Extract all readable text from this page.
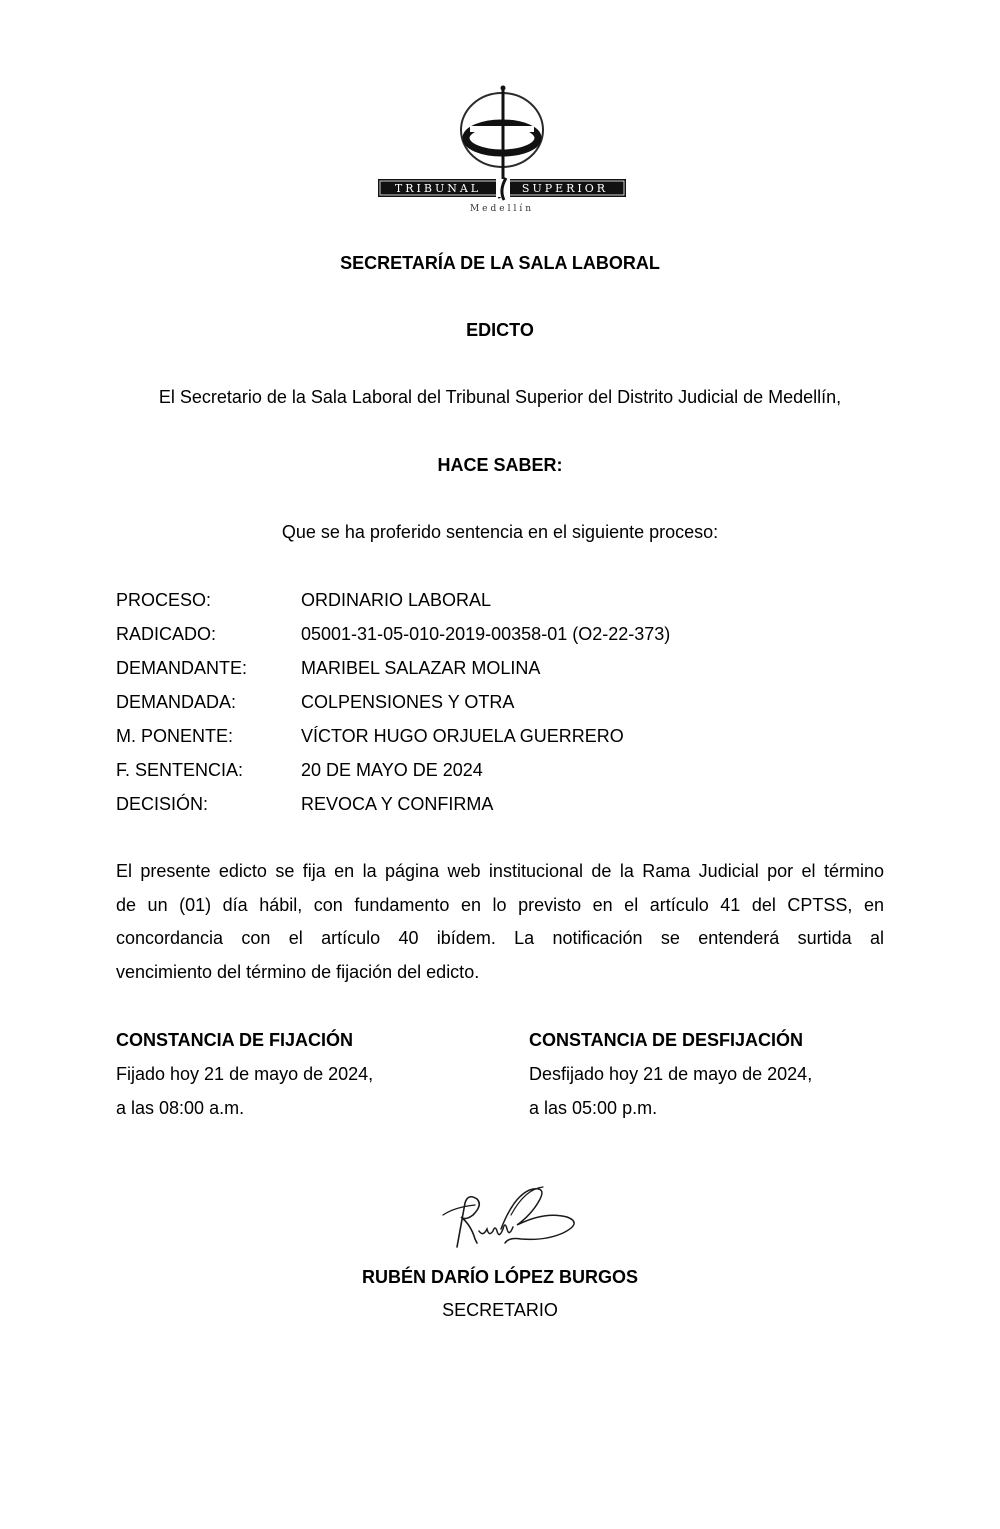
TRIBUNAL	SUPERIOR
Medellín
SECRETARÍA DE LA SALA LABORAL
EDICTO
El Secretario de la Sala Laboral del Tribunal Superior del Distrito Judicial de Medellín,
HACE SABER:
Que se ha proferido sentencia en el siguiente proceso:
PROCESO:	ORDINARIO LABORAL
RADICADO:	05001-31-05-010-2019-00358-01 (O2-22-373)
DEMANDANTE:	MARIBEL SALAZAR MOLINA
DEMANDADA:	COLPENSIONES Y OTRA
M. PONENTE:	VÍCTOR HUGO ORJUELA GUERRERO
F. SENTENCIA:	20 DE MAYO DE 2024
DECISIÓN:	REVOCA Y CONFIRMA
El presente edicto se fija en la página web institucional de la Rama Judicial por el término
de un (01) día hábil, con fundamento en lo previsto en el artículo 41 del CPTSS, en
concordancia con el artículo 40 ibídem. La notificación se entenderá surtida al
vencimiento del término de fijación del edicto.
CONSTANCIA DE FIJACIÓN
Fijado hoy 21 de mayo de 2024,
a las 08:00 a.m.
CONSTANCIA DE DESFIJACIÓN
Desfijado hoy 21 de mayo de 2024,
a las 05:00 p.m.
RUBÉN DARÍO LÓPEZ BURGOS
SECRETARIO
